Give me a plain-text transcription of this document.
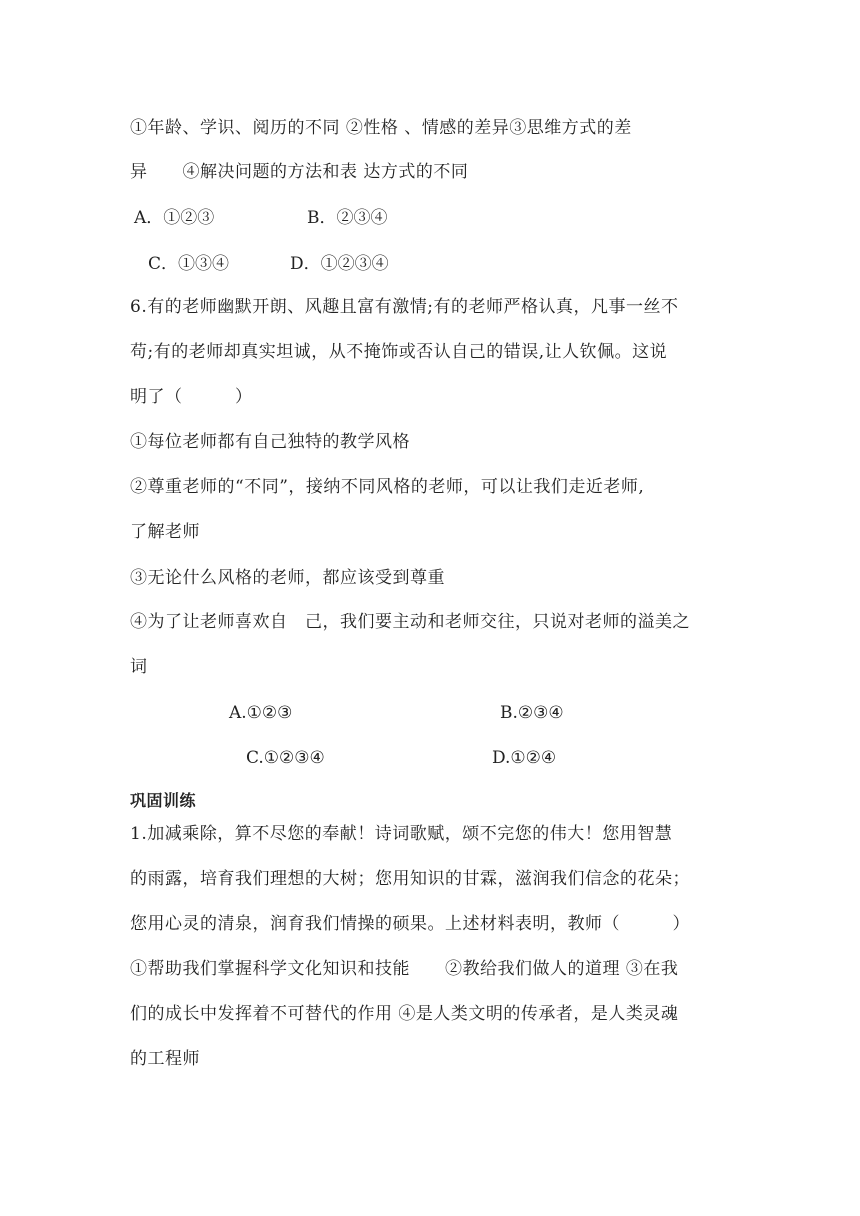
①年龄、学识、阅历的不同 ②性格 、情感的差异③思维方式的差
异　　④解决问题的方法和表 达方式的不同
A．①②③	B．②③④
C．①③④	D．①②③④
6.有的老师幽默开朗、风趣且富有激情;有的老师严格认真，凡事一丝不
苟;有的老师却真实坦诚，从不掩饰或否认自己的错误,让人钦佩。这说
明了（　　　）
①每位老师都有自己独特的教学风格
②尊重老师的“不同”，接纳不同风格的老师，可以让我们走近老师,
了解老师
③无论什么风格的老师，都应该受到尊重
④为了让老师喜欢自　己，我们要主动和老师交往，只说对老师的溢美之
词
A.①②③	B.②③④
C.①②③④	D.①②④
巩固训练
1.加减乘除，算不尽您的奉献！诗词歌赋，颂不完您的伟大！您用智慧
的雨露，培育我们理想的大树；您用知识的甘霖，滋润我们信念的花朵；
您用心灵的清泉，润育我们情操的硕果。上述材料表明，教师（　　　）
①帮助我们掌握科学文化知识和技能　　②教给我们做人的道理 ③在我
们的成长中发挥着不可替代的作用 ④是人类文明的传承者，是人类灵魂
的工程师
